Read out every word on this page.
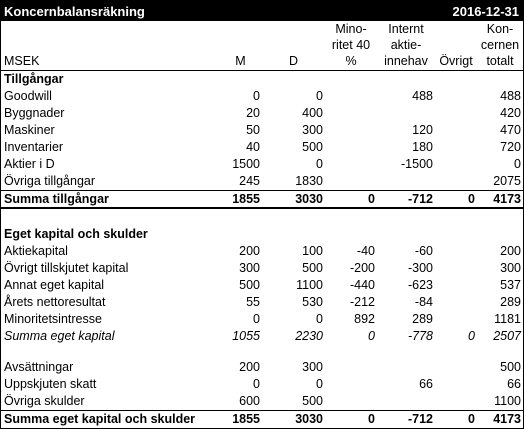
Koncernbalansräkning	2016-12-31
			Mino-	Internt		Kon-
			ritet 40	aktie-		cernen
MSEK	M	D	%	innehav	Övrigt	totalt
Tillgångar						
Goodwill	0	0		488		488
Byggnader	20	400				420
Maskiner	50	300		120		470
Inventarier	40	500		180		720
Aktier i D	1500	0		-1500		0
Övriga tillgångar	245	1830				2075
Summa tillgångar	1855	3030	0	-712	0	4173

Eget kapital och skulder						
Aktiekapital	200	100	-40	-60		200
Övrigt tillskjutet kapital	300	500	-200	-300		300
Annat eget kapital	500	1100	-440	-623		537
Årets nettoresultat	55	530	-212	-84		289
Minoritetsintresse	0	0	892	289		1181
Summa eget kapital	1055	2230	0	-778	0	2507

Avsättningar	200	300				500
Uppskjuten skatt	0	0		66		66
Övriga skulder	600	500				1100
Summa eget kapital och skulder	1855	3030	0	-712	0	4173
